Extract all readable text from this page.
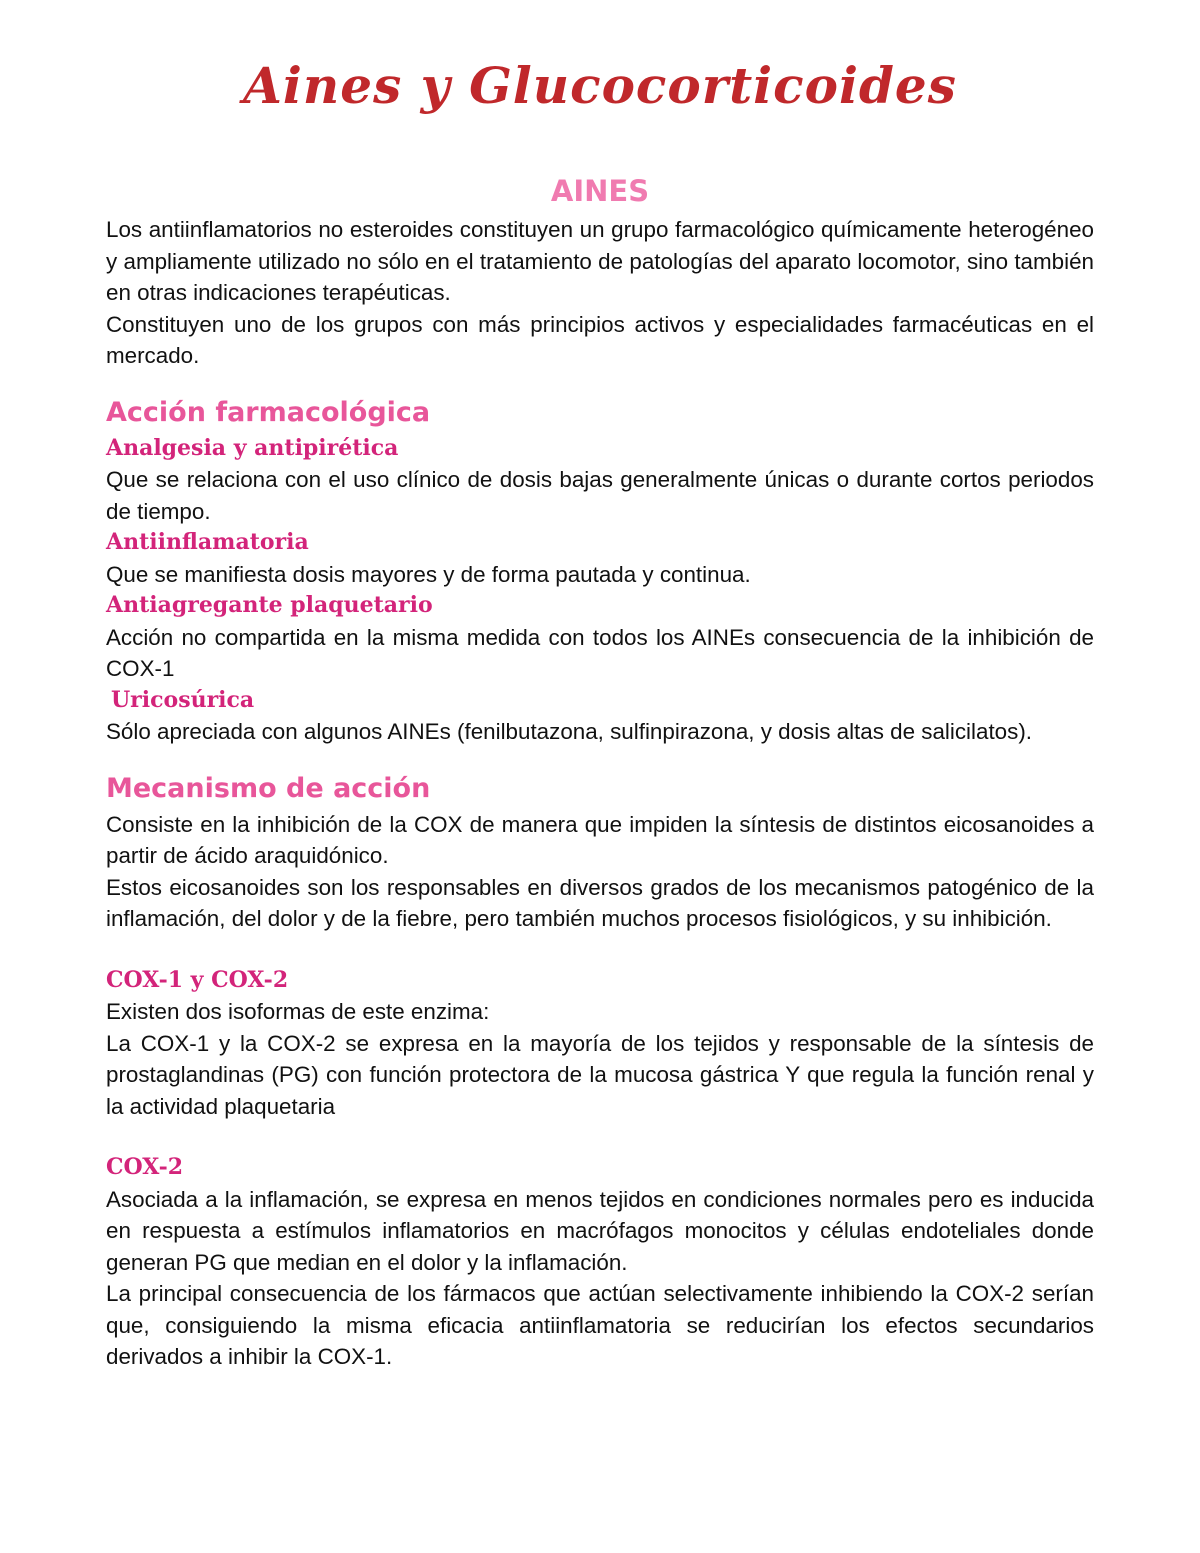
Aines y Glucocorticoides
AINES

Los antiinflamatorios no esteroides constituyen un grupo farmacológico químicamente heterogéneo y ampliamente utilizado no sólo en el tratamiento de patologías del aparato locomotor, sino también en otras indicaciones terapéuticas.

Constituyen uno de los grupos con más principios activos y especialidades farmacéuticas en el mercado.

Acción farmacológica

Analgesia y antipirética

Que se relaciona con el uso clínico de dosis bajas generalmente únicas o durante cortos periodos de tiempo.

Antiinflamatoria

Que se manifiesta dosis mayores y de forma pautada y continua.

Antiagregante plaquetario

Acción no compartida en la misma medida con todos los AINEs consecuencia de la inhibición de COX-1

Uricosúrica

Sólo apreciada con algunos AINEs (fenilbutazona, sulfinpirazona, y dosis altas de salicilatos).

Mecanismo de acción

Consiste en la inhibición de la COX de manera que impiden la síntesis de distintos eicosanoides a partir de ácido araquidónico.

Estos eicosanoides son los responsables en diversos grados de los mecanismos patogénico de la inflamación, del dolor y de la fiebre, pero también muchos procesos fisiológicos, y su inhibición.

COX-1 y COX-2

Existen dos isoformas de este enzima:

La COX-1 y la COX-2 se expresa en la mayoría de los tejidos y responsable de la síntesis de prostaglandinas (PG) con función protectora de la mucosa gástrica Y que regula la función renal y la actividad plaquetaria

COX-2

Asociada a la inflamación, se expresa en menos tejidos en condiciones normales pero es inducida en respuesta a estímulos inflamatorios en macrófagos monocitos y células endoteliales donde generan PG que median en el dolor y la inflamación.

La principal consecuencia de los fármacos que actúan selectivamente inhibiendo la COX-2 serían que, consiguiendo la misma eficacia antiinflamatoria se reducirían los efectos secundarios derivados a inhibir la COX-1.
